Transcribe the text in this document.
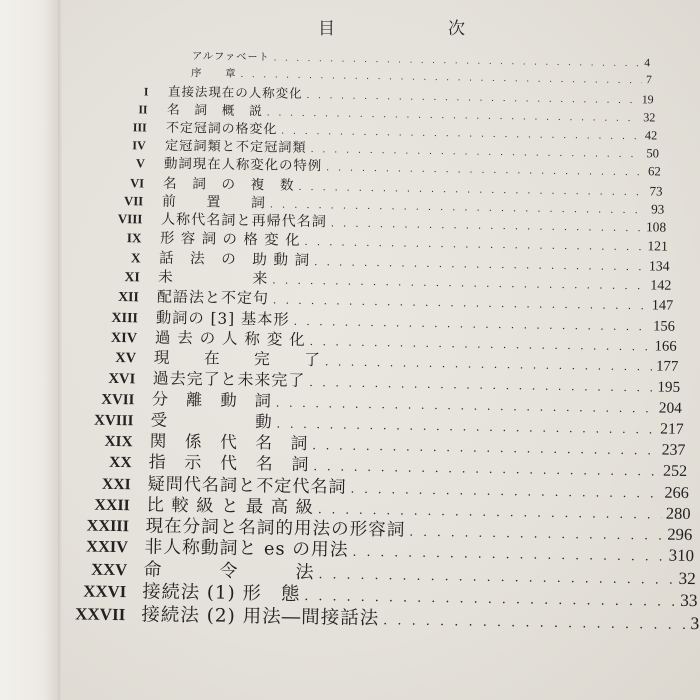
目　次
アルファベート . . .	4
序　　章 . . .	7
I 直接法現在の人称変化 . . .	19
II 名　詞　概　説 . . .	32
III 不定冠詞の格変化 . . .	42
IV 定冠詞類と不定冠詞類 . . .	50
V 動詞現在人称変化の特例 . . .	62
VI 名　詞　の　複　数 . . .	73
VII 前　　置　　詞 . . .	93
VIII 人称代名詞と再帰代名詞 . . .	108
IX 形 容 詞 の 格 変 化 . . .	121
X 話　法　の　助 動 詞 . . .	134
XI 未　　　　　来 . . .	142
XII 配語法と不定句 . . .	147
XIII 動詞の [3] 基本形 . . .	156
XIV 過 去 の 人 称 変 化 . . .	166
XV 現　　在　　完　　了 . . .	177
XVI 過去完了と未来完了 . . .	195
XVII 分　離　動　詞 . . .	204
XVIII 受　　　　　動 . . .	217
XIX 関　係　代　名　詞 . . .	237
XX 指　示　代　名　詞 . . .	252
XXI 疑問代名詞と不定代名詞 . . .	266
XXII 比 較 級 と 最 高 級 . . .	280
XXIII 現在分詞と名詞的用法の形容詞 . . .	296
XXIV 非人称動詞と es の用法 . . .	310
XXV 命　　　令　　　法 . . .	32
XXVI 接続法 (1) 形　態 . . .	33
XXVII 接続法 (2) 用法―間接話法 . . .	3
